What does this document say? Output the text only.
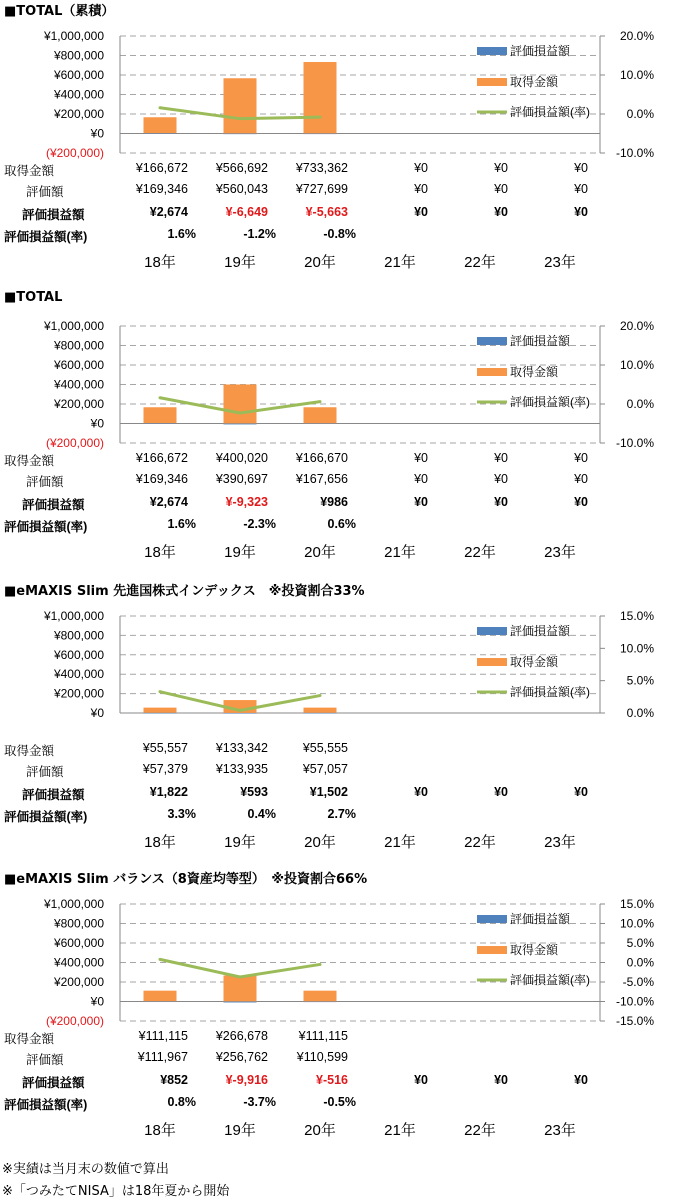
■TOTAL（累積）
¥1,000,000
¥800,000
¥600,000
¥400,000
¥200,000
¥0
(¥200,000)
20.0%
10.0%
0.0%
-10.0%
評価損益額
取得金額
評価損益額(率)
取得金額	¥166,672	¥566,692	¥733,362	¥0	¥0	¥0
評価額	¥169,346	¥560,043	¥727,699	¥0	¥0	¥0
評価損益額	¥2,674	¥-6,649	¥-5,663	¥0	¥0	¥0
評価損益額(率)	1.6%	-1.2%	-0.8%
18年	19年	20年	21年	22年	23年
■TOTAL
¥1,000,000
¥800,000
¥600,000
¥400,000
¥200,000
¥0
(¥200,000)
20.0%
10.0%
0.0%
-10.0%
評価損益額
取得金額
評価損益額(率)
取得金額	¥166,672	¥400,020	¥166,670	¥0	¥0	¥0
評価額	¥169,346	¥390,697	¥167,656	¥0	¥0	¥0
評価損益額	¥2,674	¥-9,323	¥986	¥0	¥0	¥0
評価損益額(率)	1.6%	-2.3%	0.6%
18年	19年	20年	21年	22年	23年
■eMAXIS Slim 先進国株式インデックス　※投資割合33%
¥1,000,000
¥800,000
¥600,000
¥400,000
¥200,000
¥0
15.0%
10.0%
5.0%
0.0%
評価損益額
取得金額
評価損益額(率)
取得金額	¥55,557	¥133,342	¥55,555
評価額	¥57,379	¥133,935	¥57,057
評価損益額	¥1,822	¥593	¥1,502	¥0	¥0	¥0
評価損益額(率)	3.3%	0.4%	2.7%
18年	19年	20年	21年	22年	23年
■eMAXIS Slim バランス（8資産均等型）　※投資割合66%
¥1,000,000
¥800,000
¥600,000
¥400,000
¥200,000
¥0
(¥200,000)
15.0%
10.0%
5.0%
0.0%
-5.0%
-10.0%
-15.0%
評価損益額
取得金額
評価損益額(率)
取得金額	¥111,115	¥266,678	¥111,115
評価額	¥111,967	¥256,762	¥110,599
評価損益額	¥852	¥-9,916	¥-516	¥0	¥0	¥0
評価損益額(率)	0.8%	-3.7%	-0.5%
18年	19年	20年	21年	22年	23年
※実績は当月末の数値で算出
※「つみたてNISA」は18年夏から開始
